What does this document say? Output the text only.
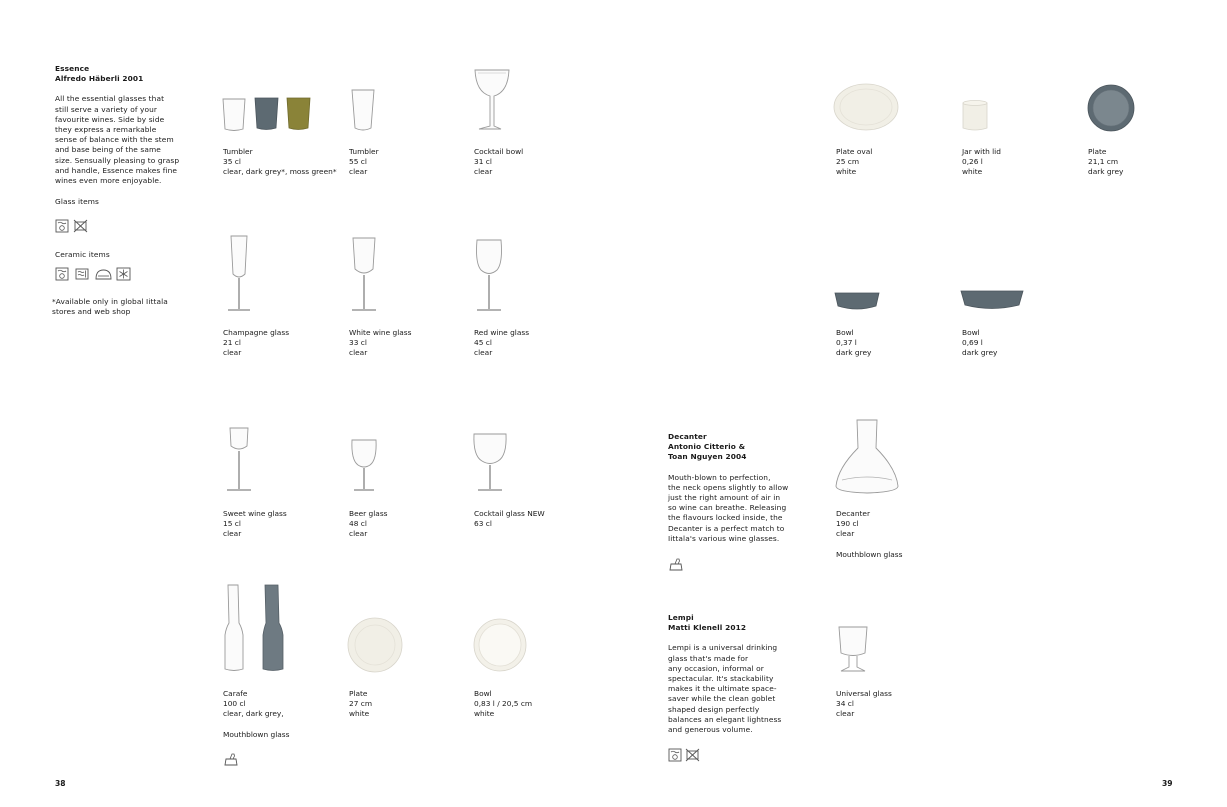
Essence
Alfredo Häberli 2001
All the essential glasses that
still serve a variety of your
favourite wines. Side by side
they express a remarkable
sense of balance with the stem
and base being of the same
size. Sensually pleasing to grasp
and handle, Essence makes fine
wines even more enjoyable.
Glass items
Ceramic items
*Available only in global Iittala
stores and web shop
Tumbler
35 cl
clear, dark grey*, moss green*
Tumbler
55 cl
clear
Cocktail bowl
31 cl
clear
Champagne glass
21 cl
clear
White wine glass
33 cl
clear
Red wine glass
45 cl
clear
Sweet wine glass
15 cl
clear
Beer glass
48 cl
clear
Cocktail glass NEW
63 cl
Carafe
100 cl
clear, dark grey,
Mouthblown glass
Plate
27 cm
white
Bowl
0,83 l / 20,5 cm
white
38
Plate oval
25 cm
white
Jar with lid
0,26 l
white
Plate
21,1 cm
dark grey
Bowl
0,37 l
dark grey
Bowl
0,69 l
dark grey
Decanter
Antonio Citterio &
Toan Nguyen 2004
Mouth-blown to perfection,
the neck opens slightly to allow
just the right amount of air in
so wine can breathe. Releasing
the flavours locked inside, the
Decanter is a perfect match to
Iittala's various wine glasses.
Decanter
190 cl
clear
Mouthblown glass
Lempi
Matti Klenell 2012
Lempi is a universal drinking
glass that's made for
any occasion, informal or
spectacular. It's stackability
makes it the ultimate space-
saver while the clean goblet
shaped design perfectly
balances an elegant lightness
and generous volume.
Universal glass
34 cl
clear
39
